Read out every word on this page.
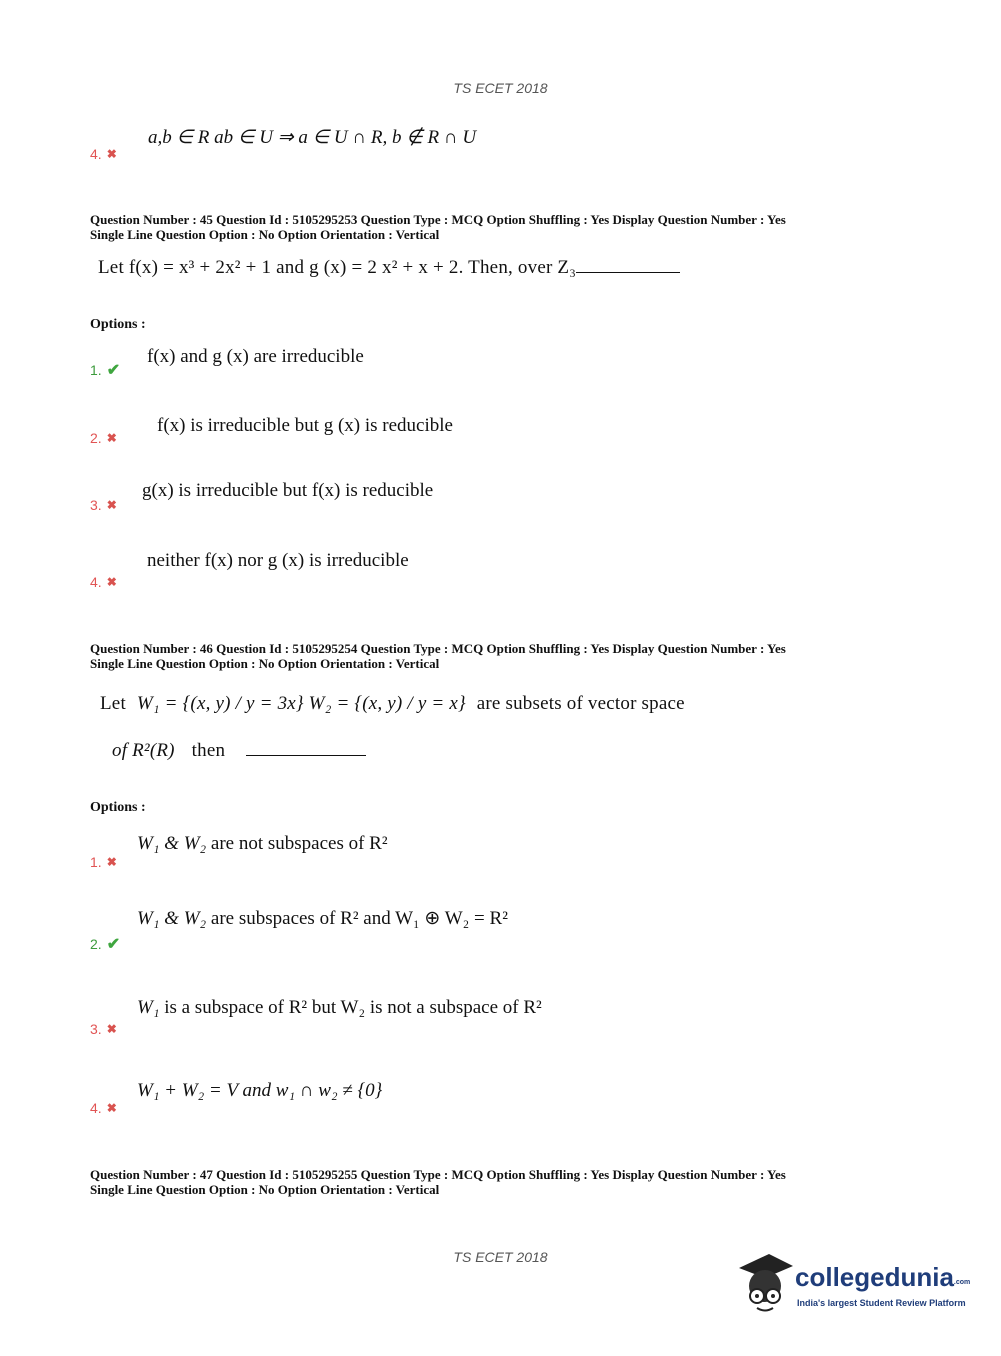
TS ECET 2018
4. ✖
a,b ∈ R ab ∈ U ⇒ a ∈ U ∩ R, b ∉ R ∩ U
Question Number : 45 Question Id : 5105295253 Question Type : MCQ Option Shuffling : Yes Display Question Number : Yes
Single Line Question Option : No Option Orientation : Vertical
Let f(x) = x³ + 2x² + 1 and g (x) = 2 x² + x + 2. Then, over Z₃
Options :
1. ✔
f(x) and g (x) are irreducible
2. ✖
f(x) is irreducible but g (x) is reducible
3. ✖
g(x) is irreducible but f(x) is reducible
4. ✖
neither f(x) nor g (x) is irreducible
Question Number : 46 Question Id : 5105295254 Question Type : MCQ Option Shuffling : Yes Display Question Number : Yes
Single Line Question Option : No Option Orientation : Vertical
Let W₁ = {(x, y) / y = 3x} W₂ = {(x, y) / y = x} are subsets of vector space
of R²(R) then
Options :
1. ✖
W₁ & W₂ are not subspaces of R²
2. ✔
W₁ & W₂ are subspaces of R² and W₁ ⊕ W₂ = R²
3. ✖
W₁ is a subspace of R² but W₂ is not a subspace of R²
4. ✖
W₁ + W₂ = V and w₁ ∩ w₂ ≠ {0}
Question Number : 47 Question Id : 5105295255 Question Type : MCQ Option Shuffling : Yes Display Question Number : Yes
Single Line Question Option : No Option Orientation : Vertical
TS ECET 2018
collegedunia.com
India's largest Student Review Platform
